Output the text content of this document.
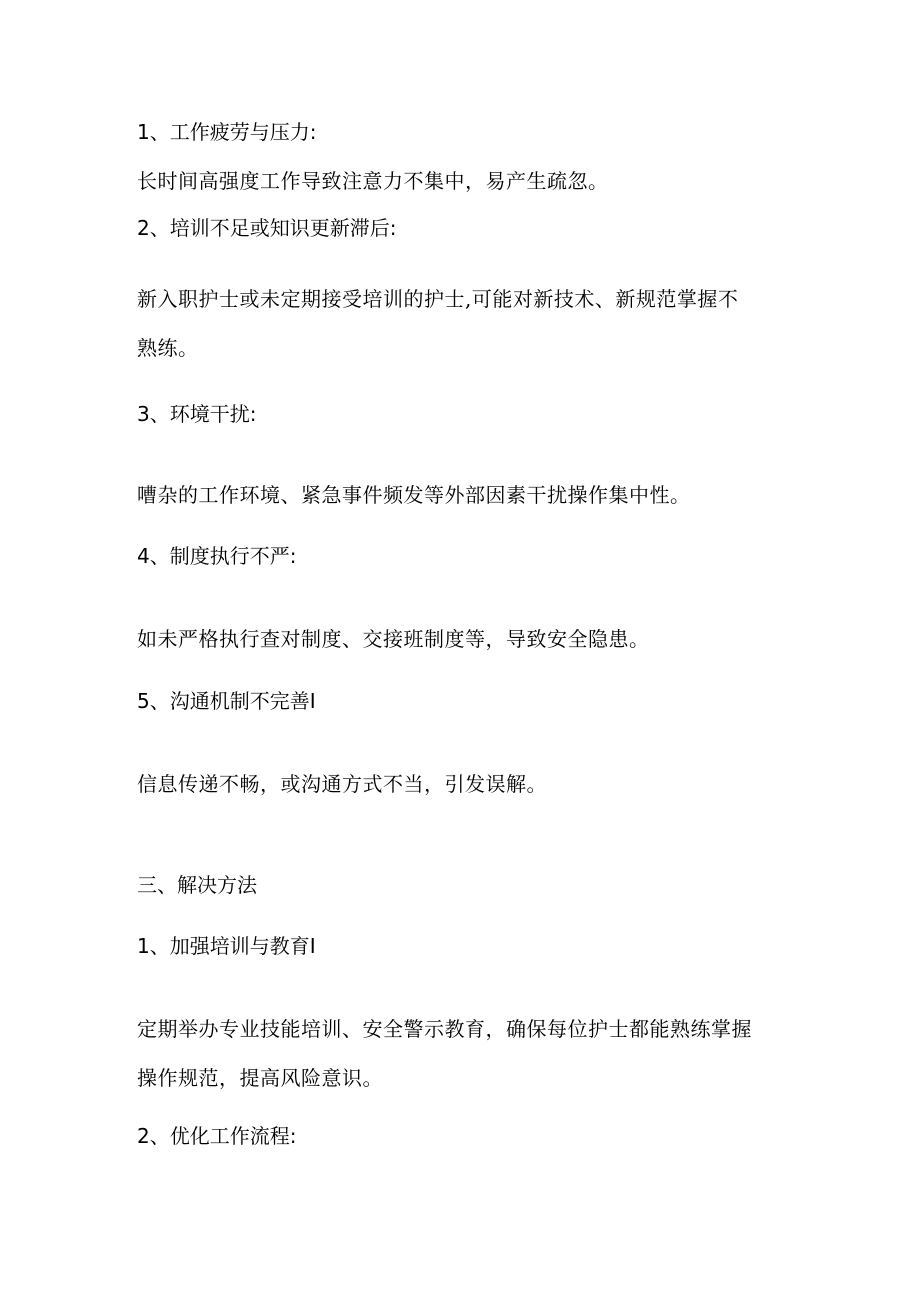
1、工作疲劳与压力:
长时间高强度工作导致注意力不集中，易产生疏忽。
2、培训不足或知识更新滞后:
新入职护士或未定期接受培训的护士,可能对新技术、新规范掌握不
熟练。
3、环境干扰:
嘈杂的工作环境、紧急事件频发等外部因素干扰操作集中性。
4、制度执行不严:
如未严格执行查对制度、交接班制度等，导致安全隐患。
5、沟通机制不完善I
信息传递不畅，或沟通方式不当，引发误解。
三、解决方法
1、加强培训与教育I
定期举办专业技能培训、安全警示教育，确保每位护士都能熟练掌握
操作规范，提高风险意识。
2、优化工作流程:
